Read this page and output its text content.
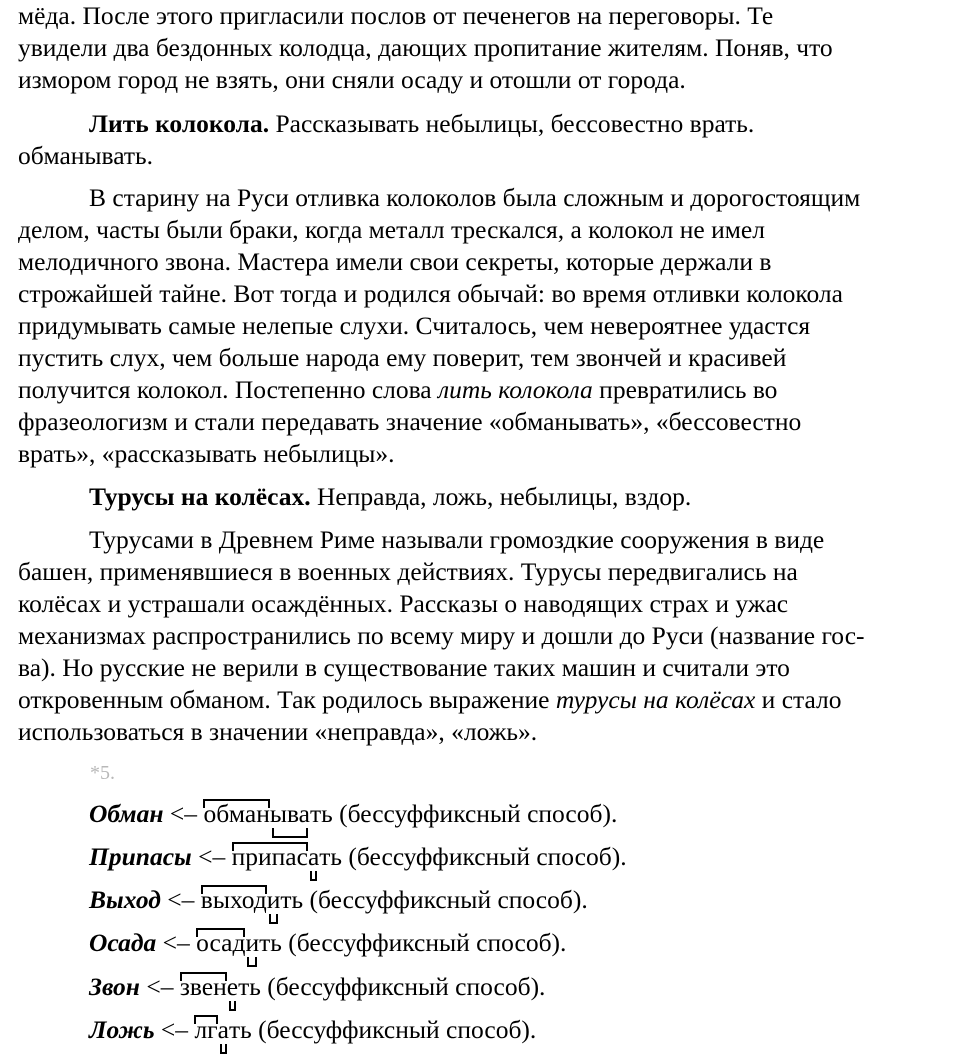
мёда. После этого пригласили послов от печенегов на переговоры. Те
увидели два бездонных колодца, дающих пропитание жителям. Поняв, что
измором город не взять, они сняли осаду и отошли от города.
Лить колокола. Рассказывать небылицы, бессовестно врать.
обманывать.
В старину на Руси отливка колоколов была сложным и дорогостоящим
делом, часты были браки, когда металл трескался, а колокол не имел
мелодичного звона. Мастера имели свои секреты, которые держали в
строжайшей тайне. Вот тогда и родился обычай: во время отливки колокола
придумывать самые нелепые слухи. Считалось, чем невероятнее удастся
пустить слух, чем больше народа ему поверит, тем звончей и красивей
получится колокол. Постепенно слова лить колокола превратились во
фразеологизм и стали передавать значение «обманывать», «бессовестно
врать», «рассказывать небылицы».
Турусы на колёсах. Неправда, ложь, небылицы, вздор.
Турусами в Древнем Риме называли громоздкие сооружения в виде
башен, применявшиеся в военных действиях. Турусы передвигались на
колёсах и устрашали осаждённых. Рассказы о наводящих страх и ужас
механизмах распространились по всему миру и дошли до Руси (название гос-
ва). Но русские не верили в существование таких машин и считали это
откровенным обманом. Так родилось выражение турусы на колёсах и стало
использоваться в значении «неправда», «ложь».
*5.
Обман <– обманывать (бессуффиксный способ).
Припасы <– припасать (бессуффиксный способ).
Выход <– выходить (бессуффиксный способ).
Осада <– осадить (бессуффиксный способ).
Звон <– звенеть (бессуффиксный способ).
Ложь <– лгать (бессуффиксный способ).
